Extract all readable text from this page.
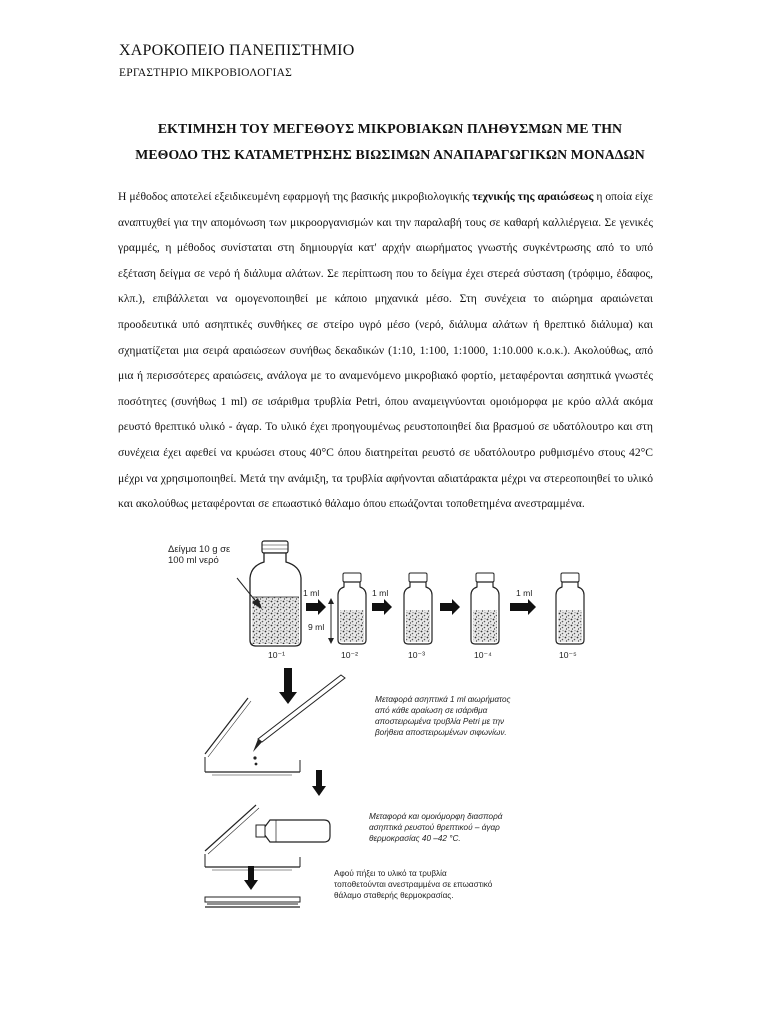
ΧΑΡΟΚΟΠΕΙΟ ΠΑΝΕΠΙΣΤΗΜΙΟ
ΕΡΓΑΣΤΗΡΙΟ ΜΙΚΡΟΒΙΟΛΟΓΙΑΣ
ΕΚΤΙΜΗΣΗ ΤΟΥ ΜΕΓΕΘΟΥΣ ΜΙΚΡΟΒΙΑΚΩΝ ΠΛΗΘΥΣΜΩΝ ΜΕ ΤΗΝ
ΜΕΘΟΔΟ ΤΗΣ ΚΑΤΑΜΕΤΡΗΣΗΣ ΒΙΩΣΙΜΩΝ ΑΝΑΠΑΡΑΓΩΓΙΚΩΝ ΜΟΝΑΔΩΝ

Η μέθοδος αποτελεί εξειδικευμένη εφαρμογή της βασικής μικροβιολογικής τεχνικής της αραιώσεως η οποία είχε αναπτυχθεί για την απομόνωση των μικροοργανισμών και την παραλαβή τους σε καθαρή καλλιέργεια. Σε γενικές γραμμές, η μέθοδος συνίσταται στη δημιουργία κατ' αρχήν αιωρήματος γνωστής συγκέντρωσης από το υπό εξέταση δείγμα σε νερό ή διάλυμα αλάτων. Σε περίπτωση που το δείγμα έχει στερεά σύσταση (τρόφιμο, έδαφος, κλπ.), επιβάλλεται να ομογενοποιηθεί με κάποιο μηχανικά μέσο. Στη συνέχεια το αιώρημα αραιώνεται προοδευτικά υπό ασηπτικές συνθήκες σε στείρο υγρό μέσο (νερό, διάλυμα αλάτων ή θρεπτικό διάλυμα) και σχηματίζεται μια σειρά αραιώσεων συνήθως δεκαδικών (1:10, 1:100, 1:1000, 1:10.000 κ.ο.κ.). Ακολούθως, από μια ή περισσότερες αραιώσεις, ανάλογα με το αναμενόμενο μικροβιακό φορτίο, μεταφέρονται ασηπτικά γνωστές ποσότητες (συνήθως 1 ml) σε ισάριθμα τρυβλία Petri, όπου αναμειγνύονται ομοιόμορφα με κρύο αλλά ακόμα ρευστό θρεπτικό υλικό - άγαρ. Το υλικό έχει προηγουμένως ρευστοποιηθεί δια βρασμού σε υδατόλουτρο και στη συνέχεια έχει αφεθεί να κρυώσει στους 40°C όπου διατηρείται ρευστό σε υδατόλουτρο ρυθμισμένο στους 42°C μέχρι να χρησιμοποιηθεί. Μετά την ανάμιξη, τα τρυβλία αφήνονται αδιατάρακτα μέχρι να στερεοποιηθεί το υλικό και ακολούθως μεταφέρονται σε επωαστικό θάλαμο όπου επωάζονται τοποθετημένα ανεστραμμένα.

Δείγμα 10 g σε
100 ml νερό
1 ml	1 ml	1 ml
9 ml
10⁻¹	10⁻²	10⁻³	10⁻⁴	10⁻⁵
Μεταφορά ασηπτικά 1 ml αιωρήματος
από κάθε αραίωση σε ισάριθμα
αποστειρωμένα τρυβλία Petri με την
βοήθεια αποστειρωμένων σιφωνίων.
Μεταφορά και ομοιόμορφη διασπορά
ασηπτικά ρευστού θρεπτικού – άγαρ
θερμοκρασίας 40 –42 °C.
Αφού πήξει το υλικό τα τρυβλία
τοποθετούνται ανεστραμμένα σε επωαστικό
θάλαμο σταθερής θερμοκρασίας.
